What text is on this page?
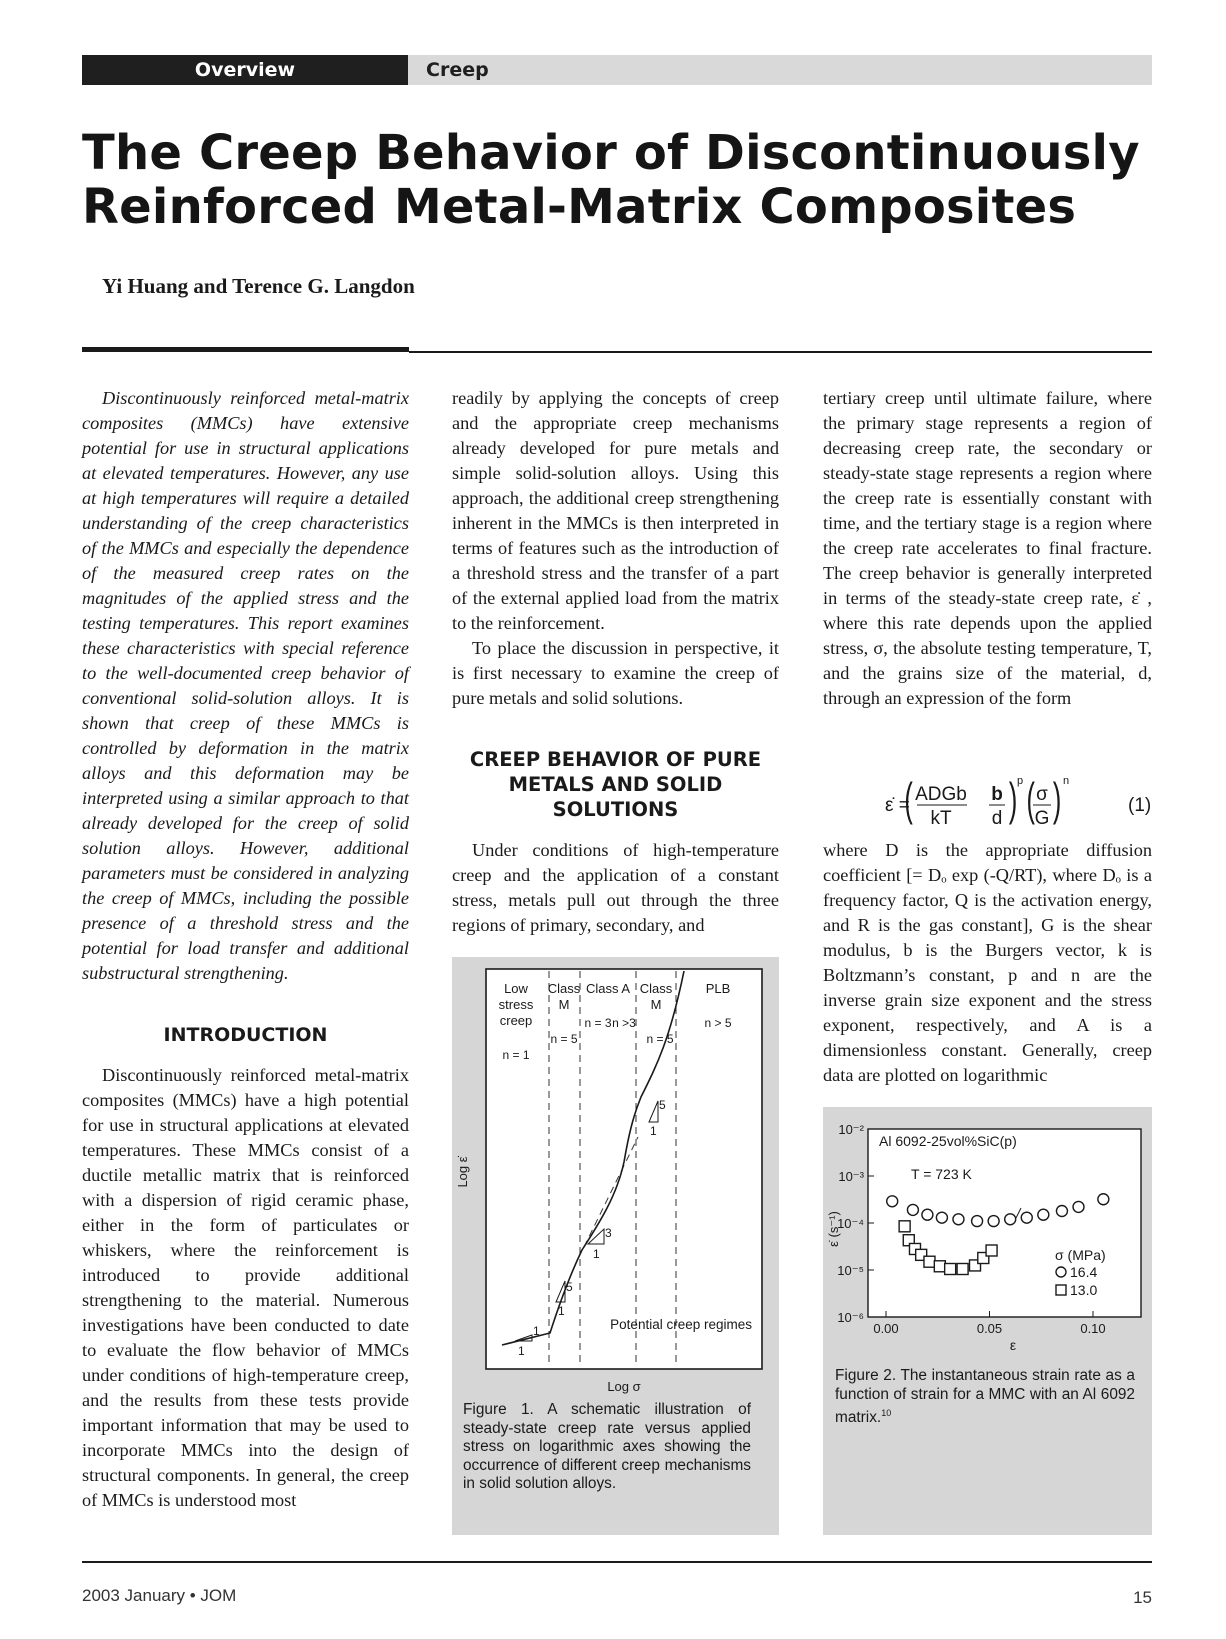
Overview	Creep
The Creep Behavior of Discontinuously Reinforced Metal-Matrix Composites
Yi Huang and Terence G. Langdon

Discontinuously reinforced metal-matrix composites (MMCs) have extensive potential for use in structural applications at elevated temperatures. However, any use at high temperatures will require a detailed understanding of the creep characteristics of the MMCs and especially the dependence of the measured creep rates on the magnitudes of the applied stress and the testing temperatures. This report examines these characteristics with special reference to the well-documented creep behavior of conventional solid-solution alloys. It is shown that creep of these MMCs is controlled by deformation in the matrix alloys and this deformation may be interpreted using a similar approach to that already developed for the creep of solid solution alloys. However, additional parameters must be considered in analyzing the creep of MMCs, including the possible presence of a threshold stress and the potential for load transfer and additional substructural strengthening.

INTRODUCTION

Discontinuously reinforced metal-matrix composites (MMCs) have a high potential for use in structural applications at elevated temperatures. These MMCs consist of a ductile metallic matrix that is reinforced with a dispersion of rigid ceramic phase, either in the form of particulates or whiskers, where the reinforcement is introduced to provide additional strengthening to the material. Numerous investigations have been conducted to date to evaluate the flow behavior of MMCs under conditions of high-temperature creep, and the results from these tests provide important information that may be used to incorporate MMCs into the design of structural components. In general, the creep of MMCs is understood most

readily by applying the concepts of creep and the appropriate creep mechanisms already developed for pure metals and simple solid-solution alloys. Using this approach, the additional creep strengthening inherent in the MMCs is then interpreted in terms of features such as the introduction of a threshold stress and the transfer of a part of the external applied load from the matrix to the reinforcement.

To place the discussion in perspective, it is first necessary to examine the creep of pure metals and solid solutions.

CREEP BEHAVIOR OF PURE METALS AND SOLID SOLUTIONS

Under conditions of high-temperature creep and the application of a constant stress, metals pull out through the three regions of primary, secondary, and

Low
stress
creep
Class
M
Class A Class
M
PLB
n = 1
n = 5
n = 3
n = 5
n > 5
n >3
1
1
5
1
3
1
5
1
Log ε̇
Log σ
Potential creep regimes
Figure 1. A schematic illustration of steady-state creep rate versus applied stress on logarithmic axes showing the occurrence of different creep mechanisms in solid solution alloys.

tertiary creep until ultimate failure, where the primary stage represents a region of decreasing creep rate, the secondary or steady-state stage represents a region where the creep rate is essentially constant with time, and the tertiary stage is a region where the creep rate accelerates to final fracture. The creep behavior is generally interpreted in terms of the steady-state creep rate, ε̇ , where this rate depends upon the applied stress, σ, the absolute testing temperature, T, and the grains size of the material, d, through an expression of the form

ε̇ =
ADGb
kT
(	b
d ) p ( σ
G ) n
(1)

where D is the appropriate diffusion coefficient [= Dₒ exp (-Q/RT), where Dₒ is a frequency factor, Q is the activation energy, and R is the gas constant], G is the shear modulus, b is the Burgers vector, k is Boltzmann’s constant, p and n are the inverse grain size exponent and the stress exponent, respectively, and A is a dimensionless constant. Generally, creep data are plotted on logarithmic

Al 6092-25vol%SiC(p)
T = 723 K
ε̇ (s⁻¹)
ε
σ (MPa)
16.4
13.0
10⁻²
10⁻³
10⁻⁴
10⁻⁵
10⁻⁶
0.00	0.05	0.10
Figure 2. The instantaneous strain rate as a function of strain for a MMC with an Al 6092 matrix.$^{10}$
2003 January • JOM	15
